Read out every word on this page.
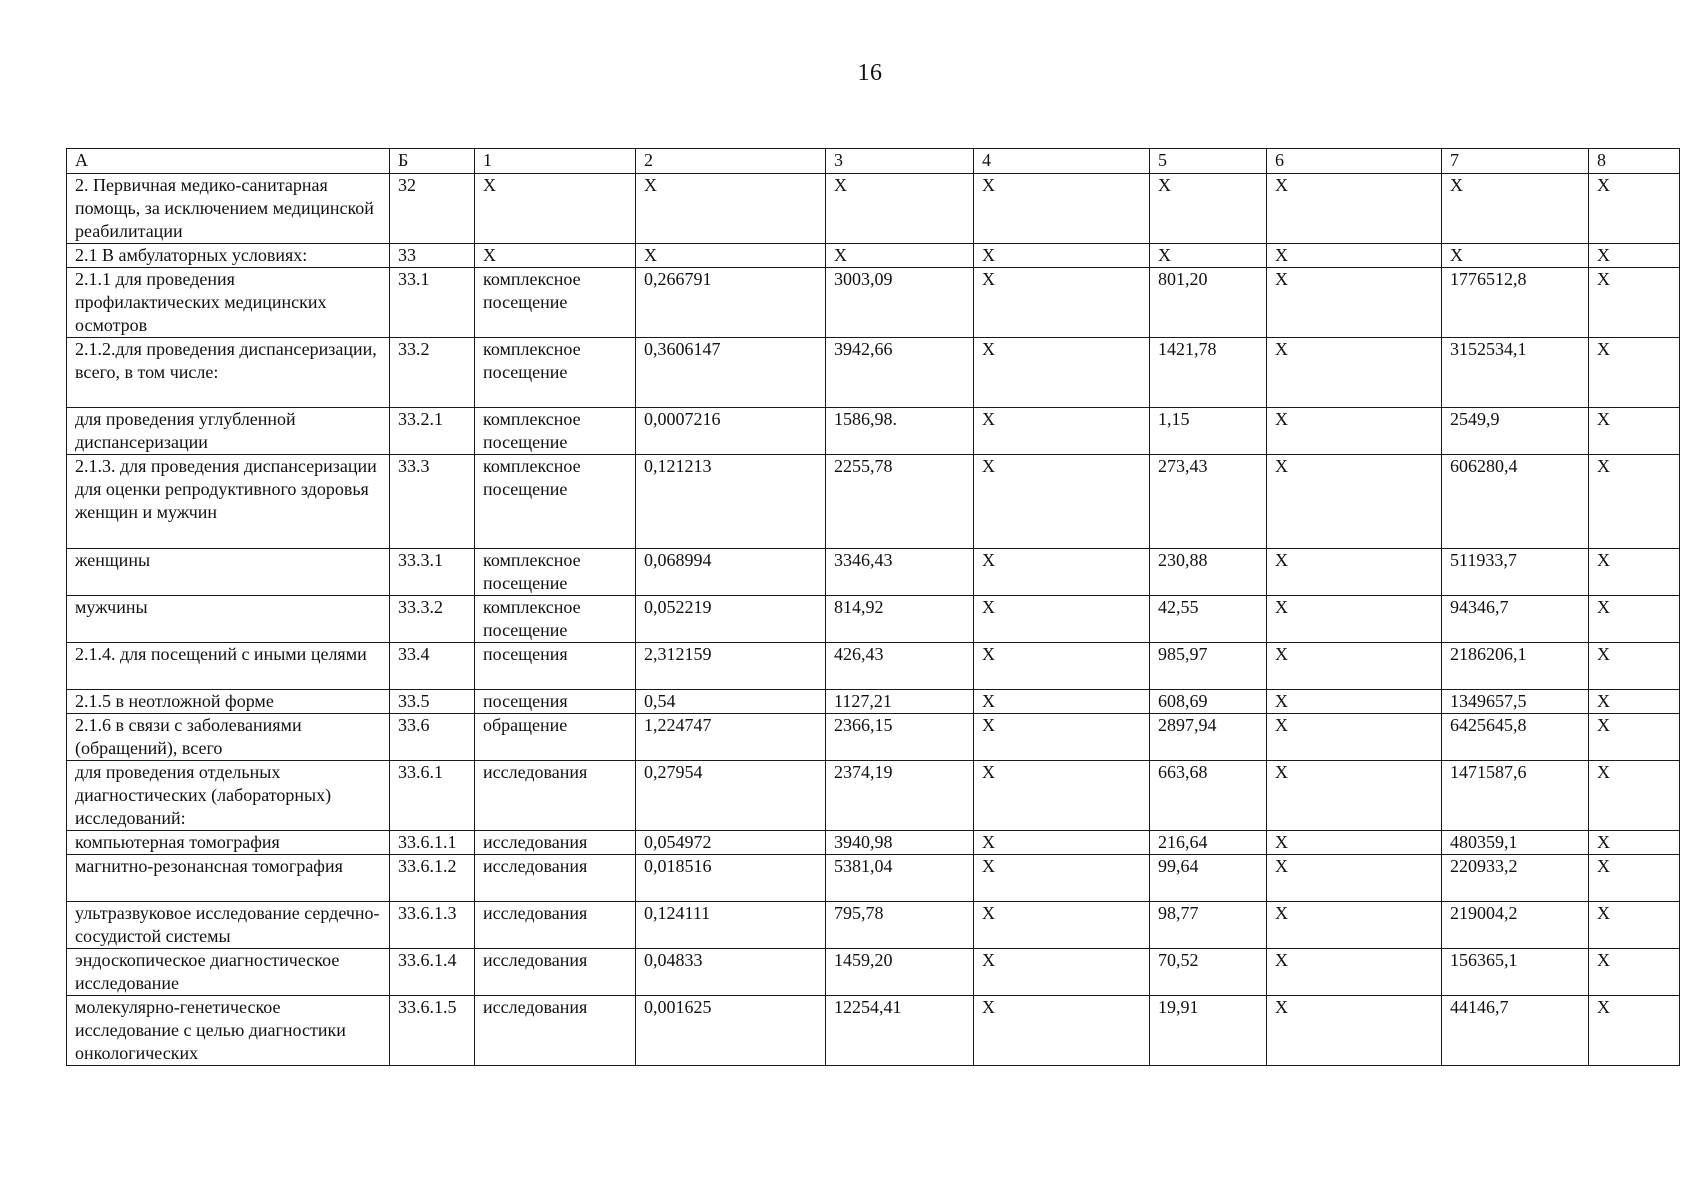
16
А	Б	1	2	3	4	5	6	7	8
2. Первичная медико-санитарная помощь, за исключением медицинской реабилитации	32	X	X	X	X	X	X	X	X
2.1 В амбулаторных условиях:	33	X	X	X	X	X	X	X	X
2.1.1 для проведения профилактических медицинских осмотров	33.1	комплексное посещение	0,266791	3003,09	X	801,20	X	1776512,8	X
2.1.2.для проведения диспансеризации, всего, в том числе:	33.2	комплексное посещение	0,3606147	3942,66	X	1421,78	X	3152534,1	X
для проведения углубленной диспансеризации	33.2.1	комплексное посещение	0,0007216	1586,98.	X	1,15	X	2549,9	X
2.1.3. для проведения диспансеризации для оценки репродуктивного здоровья женщин и мужчин	33.3	комплексное посещение	0,121213	2255,78	X	273,43	X	606280,4	X
женщины	33.3.1	комплексное посещение	0,068994	3346,43	X	230,88	X	511933,7	X
мужчины	33.3.2	комплексное посещение	0,052219	814,92	X	42,55	X	94346,7	X
2.1.4. для посещений с иными целями	33.4	посещения	2,312159	426,43	X	985,97	X	2186206,1	X
2.1.5 в неотложной форме	33.5	посещения	0,54	1127,21	X	608,69	X	1349657,5	X
2.1.6 в связи с заболеваниями (обращений), всего	33.6	обращение	1,224747	2366,15	X	2897,94	X	6425645,8	X
для проведения отдельных диагностических (лабораторных) исследований:	33.6.1	исследования	0,27954	2374,19	X	663,68	X	1471587,6	X
компьютерная томография	33.6.1.1	исследования	0,054972	3940,98	X	216,64	X	480359,1	X
магнитно-резонансная томография	33.6.1.2	исследования	0,018516	5381,04	X	99,64	X	220933,2	X
ультразвуковое исследование сердечно-сосудистой системы	33.6.1.3	исследования	0,124111	795,78	X	98,77	X	219004,2	X
эндоскопическое диагностическое исследование	33.6.1.4	исследования	0,04833	1459,20	X	70,52	X	156365,1	X
молекулярно-генетическое исследование с целью диагностики онкологических	33.6.1.5	исследования	0,001625	12254,41	X	19,91	X	44146,7	X
